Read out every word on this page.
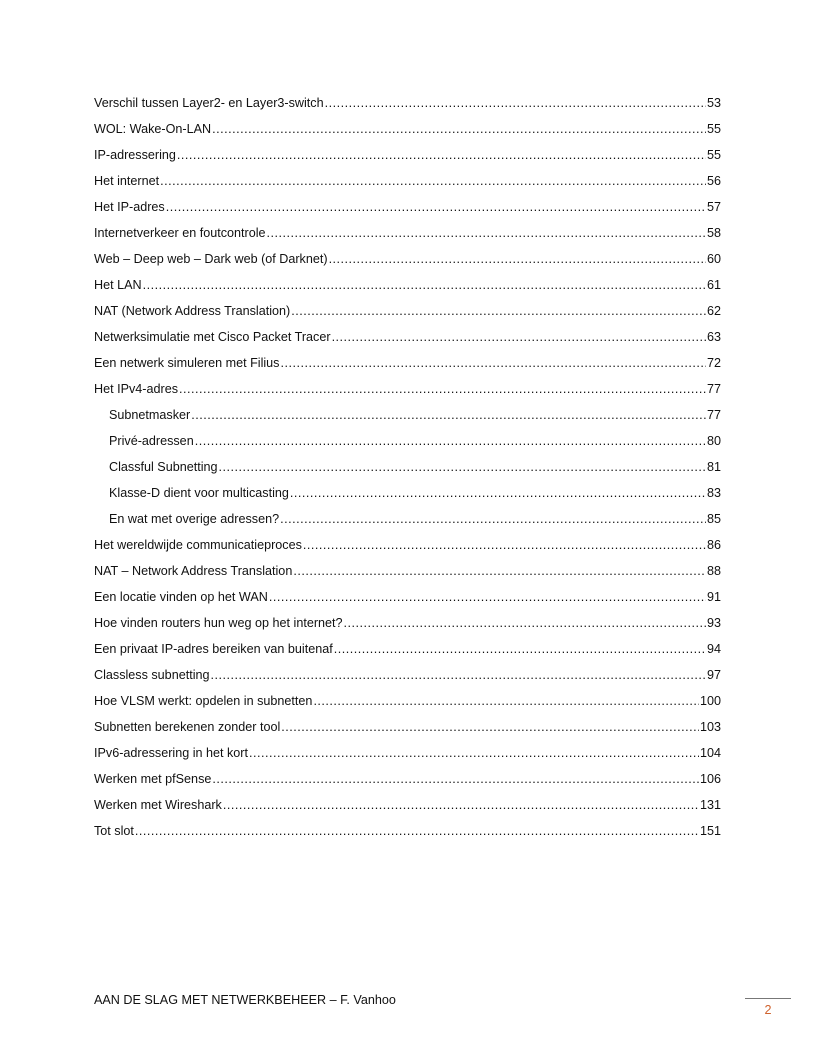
Verschil tussen Layer2- en Layer3-switch .....	53
WOL: Wake-On-LAN .....	55
IP-adressering .....	55
Het internet .....	56
Het IP-adres .....	57
Internetverkeer en foutcontrole .....	58
Web – Deep web – Dark web (of Darknet) .....	60
Het LAN .....	61
NAT (Network Address Translation) .....	62
Netwerksimulatie met Cisco Packet Tracer .....	63
Een netwerk simuleren met Filius .....	72
Het IPv4-adres .....	77
Subnetmasker .....	77
Privé-adressen .....	80
Classful Subnetting .....	81
Klasse-D dient voor multicasting .....	83
En wat met overige adressen? .....	85
Het wereldwijde communicatieproces .....	86
NAT – Network Address Translation .....	88
Een locatie vinden op het WAN .....	91
Hoe vinden routers hun weg op het internet? .....	93
Een privaat IP-adres bereiken van buitenaf .....	94
Classless subnetting .....	97
Hoe VLSM werkt: opdelen in subnetten .....	100
Subnetten berekenen zonder tool .....	103
IPv6-adressering in het kort .....	104
Werken met pfSense .....	106
Werken met Wireshark .....	131
Tot slot .....	151
AAN DE SLAG MET NETWERKBEHEER – F. Vanhoo
2
